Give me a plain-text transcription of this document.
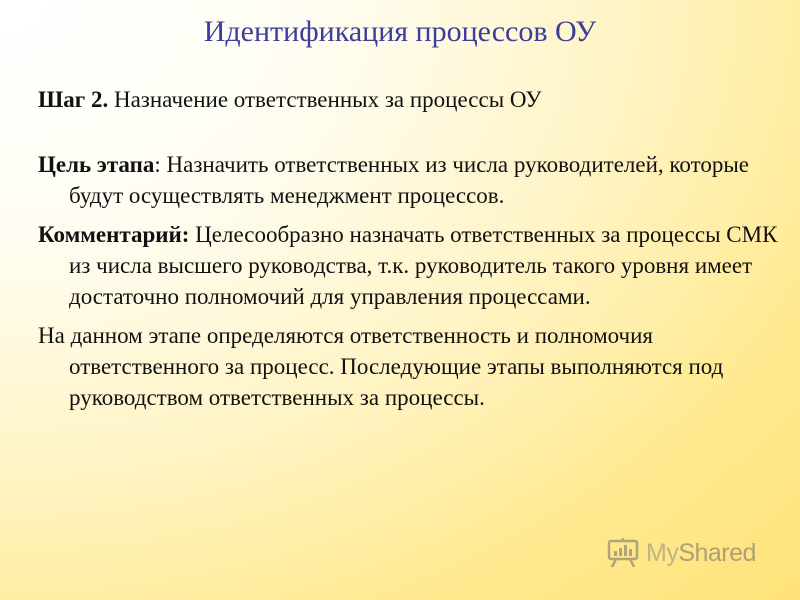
Идентификация процессов ОУ

Шаг 2. Назначение ответственных за процессы ОУ

Цель этапа: Назначить ответственных из числа руководителей, которые будут осуществлять менеджмент процессов.

Комментарий: Целесообразно назначать ответственных за процессы СМК из числа высшего руководства, т.к. руководитель такого уровня имеет достаточно полномочий для управления процессами.

На данном этапе определяются ответственность и полномочия ответственного за процесс. Последующие этапы выполняются под руководством ответственных за процессы.

MyShared
